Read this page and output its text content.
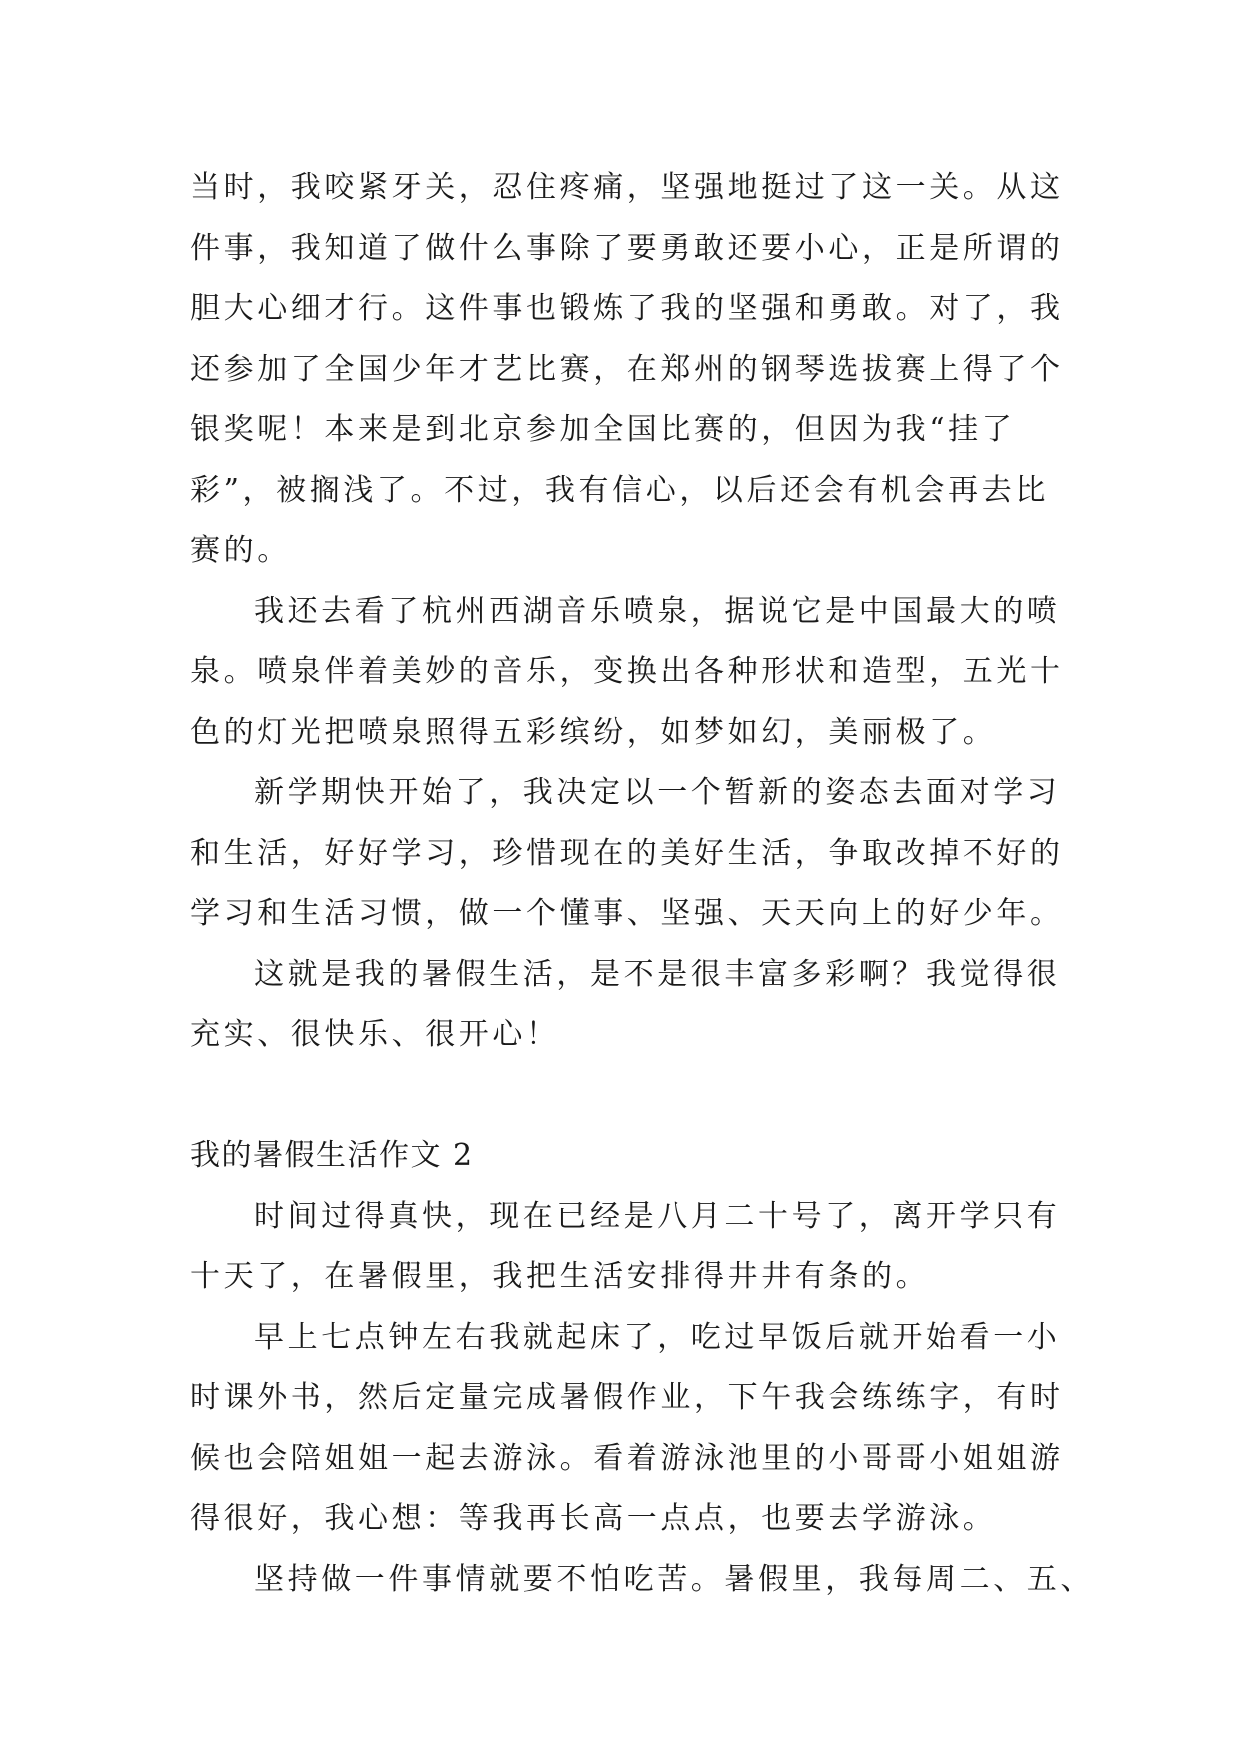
当时，我咬紧牙关，忍住疼痛，坚强地挺过了这一关。从这
件事，我知道了做什么事除了要勇敢还要小心，正是所谓的
胆大心细才行。这件事也锻炼了我的坚强和勇敢。对了，我
还参加了全国少年才艺比赛，在郑州的钢琴选拔赛上得了个
银奖呢！本来是到北京参加全国比赛的，但因为我“挂了
彩”，被搁浅了。不过，我有信心，以后还会有机会再去比
赛的。
我还去看了杭州西湖音乐喷泉，据说它是中国最大的喷
泉。喷泉伴着美妙的音乐，变换出各种形状和造型，五光十
色的灯光把喷泉照得五彩缤纷，如梦如幻，美丽极了。
新学期快开始了，我决定以一个暂新的姿态去面对学习
和生活，好好学习，珍惜现在的美好生活，争取改掉不好的
学习和生活习惯，做一个懂事、坚强、天天向上的好少年。
这就是我的暑假生活，是不是很丰富多彩啊？我觉得很
充实、很快乐、很开心！
我的暑假生活作文 2
时间过得真快，现在已经是八月二十号了，离开学只有
十天了，在暑假里，我把生活安排得井井有条的。
早上七点钟左右我就起床了，吃过早饭后就开始看一小
时课外书，然后定量完成暑假作业，下午我会练练字，有时
候也会陪姐姐一起去游泳。看着游泳池里的小哥哥小姐姐游
得很好，我心想：等我再长高一点点，也要去学游泳。
坚持做一件事情就要不怕吃苦。暑假里，我每周二、五、
